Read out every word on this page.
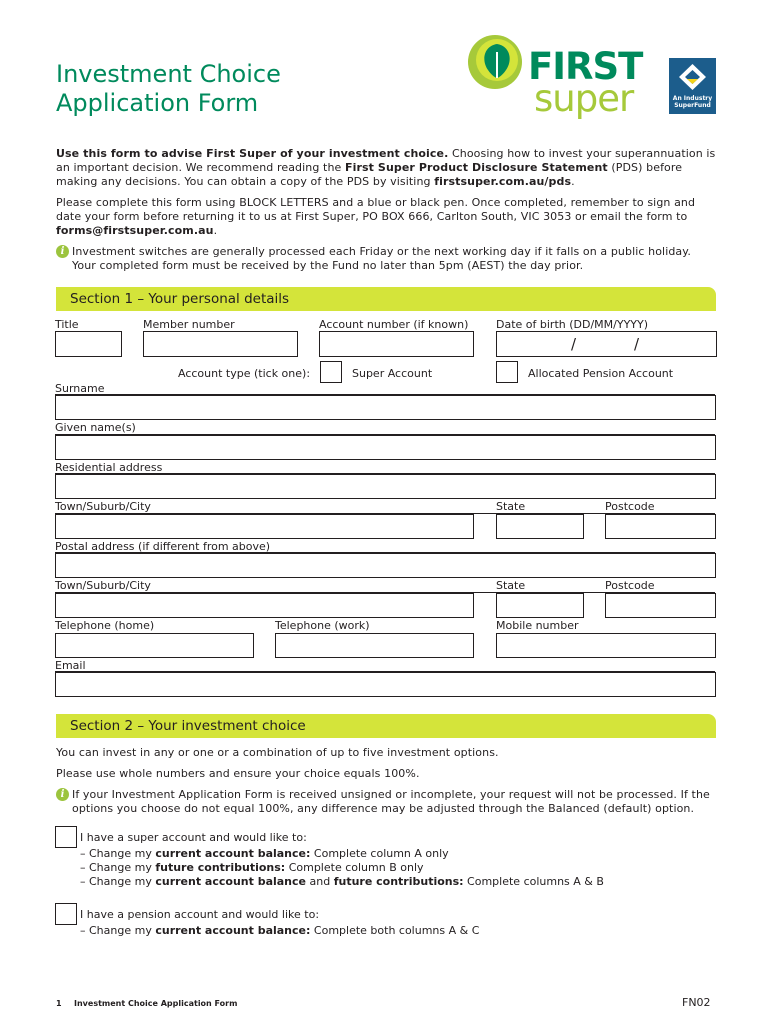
Investment Choice
Application Form
FIRST
super	An Industry
SuperFund
Use this form to advise First Super of your investment choice. Choosing how to invest your superannuation is an important decision. We recommend reading the First Super Product Disclosure Statement (PDS) before making any decisions. You can obtain a copy of the PDS by visiting firstsuper.com.au/pds.
Please complete this form using BLOCK LETTERS and a blue or black pen. Once completed, remember to sign and date your form before returning it to us at First Super, PO BOX 666, Carlton South, VIC 3053 or email the form to forms@firstsuper.com.au.
i Investment switches are generally processed each Friday or the next working day if it falls on a public holiday. Your completed form must be received by the Fund no later than 5pm (AEST) the day prior.
Section 1 – Your personal details
Title	Member number	Account number (if known)	Date of birth (DD/MM/YYYY)
/	/
Account type (tick one):	Super Account	Allocated Pension Account
Surname
Given name(s)
Residential address
Town/Suburb/City	State	Postcode
Postal address (if different from above)
Town/Suburb/City	State	Postcode
Telephone (home)	Telephone (work)	Mobile number
Email
Section 2 – Your investment choice
You can invest in any or one or a combination of up to five investment options.
Please use whole numbers and ensure your choice equals 100%.
i If your Investment Application Form is received unsigned or incomplete, your request will not be processed. If the options you choose do not equal 100%, any difference may be adjusted through the Balanced (default) option.
I have a super account and would like to:
– Change my current account balance: Complete column A only
– Change my future contributions: Complete column B only
– Change my current account balance and future contributions: Complete columns A & B
I have a pension account and would like to:
– Change my current account balance: Complete both columns A & C
1 Investment Choice Application Form	FN02
